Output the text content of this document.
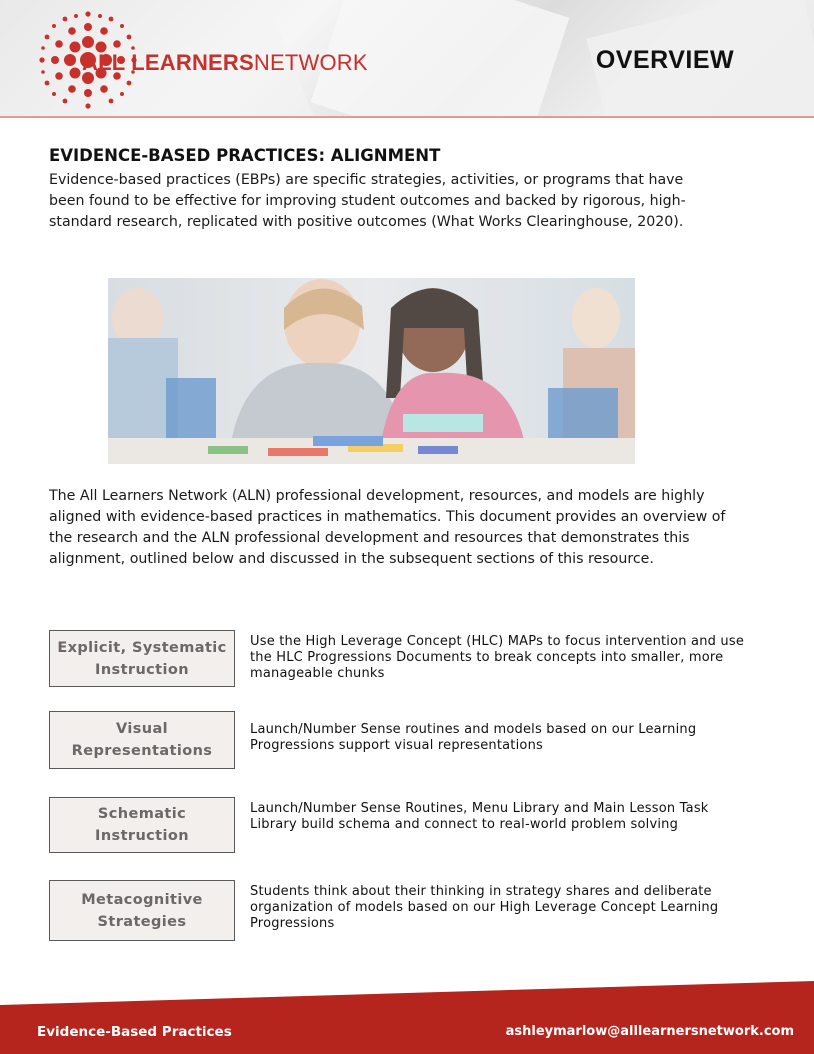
ALL LEARNERSNETWORK	OVERVIEW
EVIDENCE-BASED PRACTICES: ALIGNMENT
Evidence-based practices (EBPs) are specific strategies, activities, or programs that have been found to be effective for improving student outcomes and backed by rigorous, high-standard research, replicated with positive outcomes (What Works Clearinghouse, 2020).
The All Learners Network (ALN) professional development, resources, and models are highly aligned with evidence-based practices in mathematics. This document provides an overview of the research and the ALN professional development and resources that demonstrates this alignment, outlined below and discussed in the subsequent sections of this resource.
Explicit, Systematic Instruction
Use the High Leverage Concept (HLC) MAPs to focus intervention and use the HLC Progressions Documents to break concepts into smaller, more manageable chunks
Visual Representations
Launch/Number Sense routines and models based on our Learning Progressions support visual representations
Schematic Instruction
Launch/Number Sense Routines, Menu Library and Main Lesson Task Library build schema and connect to real-world problem solving
Metacognitive Strategies
Students think about their thinking in strategy shares and deliberate organization of models based on our High Leverage Concept Learning Progressions
Evidence-Based Practices	ashleymarlow@alllearnersnetwork.com
